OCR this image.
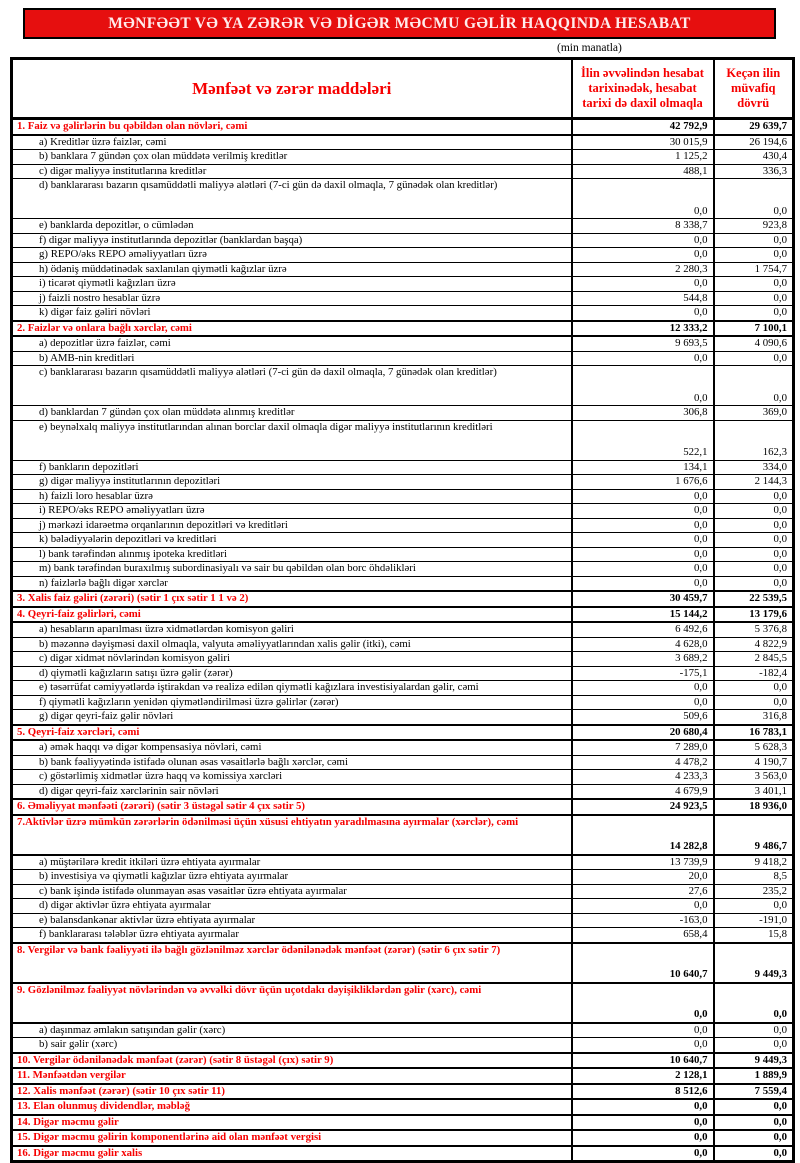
MƏNFƏƏT VƏ YA ZƏRƏR VƏ DİGƏR MƏCMU GƏLİR HAQQINDA HESABAT
(min manatla)
Mənfəət və zərər maddələri	İlin əvvəlindən hesabat tarixinədək, hesabat tarixi də daxil olmaqla	Keçən ilin müvafiq dövrü
1. Faiz və gəlirlərin bu qəbildən olan növləri, cəmi	42 792,9	29 639,7
a) Kreditlər üzrə faizlər, cəmi	30 015,9	26 194,6
b) banklara 7 gündən çox olan müddətə verilmiş kreditlər	1 125,2	430,4
c) digər maliyyə institutlarına kreditlər	488,1	336,3
d) banklararası bazarın qısamüddətli maliyyə alətləri (7-ci gün də daxil olmaqla, 7 günədək olan kreditlər)	0,0	0,0
e) banklarda depozitlər, o cümlədən	8 338,7	923,8
f) digər maliyyə institutlarında depozitlər (banklardan başqa)	0,0	0,0
g) REPO/əks REPO əməliyyatları üzrə	0,0	0,0
h) ödəniş müddətinədək saxlanılan qiymətli kağızlar üzrə	2 280,3	1 754,7
i) ticarət qiymətli kağızları üzrə	0,0	0,0
j) faizli nostro hesablar üzrə	544,8	0,0
k) digər faiz gəliri növləri	0,0	0,0
2. Faizlər və onlara bağlı xərclər, cəmi	12 333,2	7 100,1
a) depozitlər üzrə faizlər, cəmi	9 693,5	4 090,6
b) AMB-nin kreditləri	0,0	0,0
c) banklararası bazarın qısamüddətli maliyyə alətləri (7-ci gün də daxil olmaqla, 7 günədək olan kreditlər)	0,0	0,0
d) banklardan 7 gündən çox olan müddətə alınmış kreditlər	306,8	369,0
e) beynəlxalq maliyyə institutlarından alınan borclar daxil olmaqla digər maliyyə institutlarının kreditləri	522,1	162,3
f) bankların depozitləri	134,1	334,0
g) digər maliyyə institutlarının depozitləri	1 676,6	2 144,3
h) faizli loro hesablar üzrə	0,0	0,0
i) REPO/əks REPO əməliyyatları üzrə	0,0	0,0
j) mərkəzi idarəetmə orqanlarının depozitləri və kreditləri	0,0	0,0
k) bələdiyyələrin depozitləri və kreditləri	0,0	0,0
l) bank tərəfindən alınmış ipoteka kreditləri	0,0	0,0
m) bank tərəfindən buraxılmış subordinasiyalı və sair bu qəbildən olan borc öhdəlikləri	0,0	0,0
n) faizlərlə bağlı digər xərclər	0,0	0,0
3. Xalis faiz gəliri (zərəri) (sətir 1 çıx sətir 1 1 və 2)	30 459,7	22 539,5
4. Qeyri-faiz gəlirləri, cəmi	15 144,2	13 179,6
a) hesabların aparılması üzrə xidmətlərdən komisyon gəliri	6 492,6	5 376,8
b) məzənnə dəyişməsi daxil olmaqla, valyuta əməliyyatlarından xalis gəlir (itki), cəmi	4 628,0	4 822,9
c) digər xidmət növlərindən komisyon gəliri	3 689,2	2 845,5
d) qiymətli kağızların satışı üzrə gəlir (zərər)	-175,1	-182,4
e) təsərrüfat cəmiyyətlərdə iştirakdan və realizə edilən qiymətli kağızlara investisiyalardan gəlir, cəmi	0,0	0,0
f) qiymətli kağızların yenidən qiymətləndirilməsi üzrə gəlirlər (zərər)	0,0	0,0
g) digər qeyri-faiz gəlir növləri	509,6	316,8
5. Qeyri-faiz xərcləri, cəmi	20 680,4	16 783,1
a) əmək haqqı və digər kompensasiya növləri, cəmi	7 289,0	5 628,3
b) bank fəaliyyətində istifadə olunan əsas vəsaitlərlə bağlı xərclər, cəmi	4 478,2	4 190,7
c) göstərlimiş xidmətlər üzrə haqq və komissiya xərcləri	4 233,3	3 563,0
d) digər qeyri-faiz xərclərinin sair növləri	4 679,9	3 401,1
6. Əməliyyat mənfəəti (zərəri) (sətir 3 üstəgəl sətir 4 çıx sətir 5)	24 923,5	18 936,0
7.Aktivlər üzrə mümkün zərərlərin ödənilməsi üçün xüsusi ehtiyatın yaradılmasına ayırmalar (xərclər), cəmi	14 282,8	9 486,7
a) müştərilərə kredit itkiləri üzrə ehtiyata ayırmalar	13 739,9	9 418,2
b) investisiya və qiymətli kağızlar üzrə ehtiyata ayırmalar	20,0	8,5
c) bank işində istifadə olunmayan əsas vəsaitlər üzrə ehtiyata ayırmalar	27,6	235,2
d) digər aktivlər üzrə ehtiyata ayırmalar	0,0	0,0
e) balansdankənar aktivlər üzrə ehtiyata ayırmalar	-163,0	-191,0
f) banklararası tələblər üzrə ehtiyata ayırmalar	658,4	15,8
8. Vergilər və bank fəaliyyəti ilə bağlı gözlənilməz xərclər ödənilənədək mənfəət (zərər) (sətir 6 çıx sətir 7)	10 640,7	9 449,3
9. Gözlənilməz fəaliyyət növlərindən və əvvəlki dövr üçün uçotdakı dəyişikliklərdən gəlir (xərc), cəmi	0,0	0,0
a) daşınmaz əmlakın satışından gəlir (xərc)	0,0	0,0
b) sair gəlir (xərc)	0,0	0,0
10. Vergilər ödənilənədək mənfəət (zərər) (sətir 8 üstəgəl (çıx) sətir 9)	10 640,7	9 449,3
11. Mənfəətdən vergilər	2 128,1	1 889,9
12. Xalis mənfəət (zərər) (sətir 10 çıx sətir 11)	8 512,6	7 559,4
13. Elan olunmuş dividendlər, məbləğ	0,0	0,0
14. Digər məcmu gəlir	0,0	0,0
15. Digər məcmu gəlirin komponentlərinə aid olan mənfəət vergisi	0,0	0,0
16. Digər məcmu gəlir xalis	0,0	0,0
